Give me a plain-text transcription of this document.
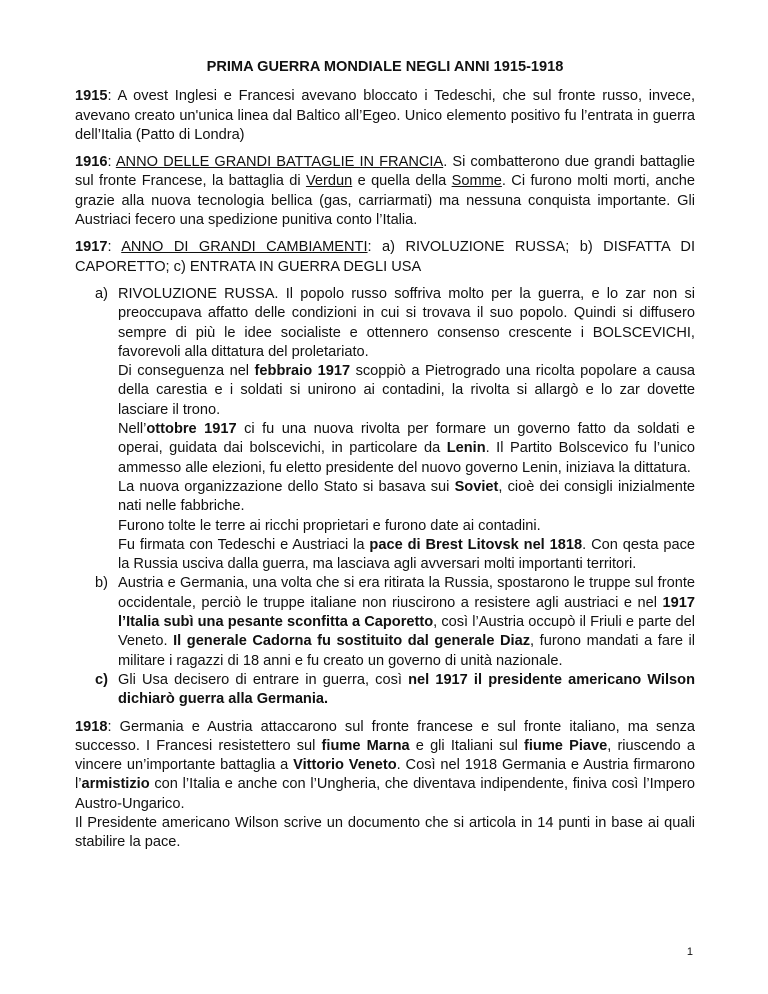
PRIMA GUERRA MONDIALE NEGLI ANNI 1915-1918

1915: A ovest Inglesi e Francesi avevano bloccato i Tedeschi, che sul fronte russo, invece, avevano creato un'unica linea dal Baltico all’Egeo. Unico elemento positivo fu l’entrata in guerra dell’Italia (Patto di Londra)

1916: ANNO DELLE GRANDI BATTAGLIE IN FRANCIA. Si combatterono due grandi battaglie sul fronte Francese, la battaglia di Verdun e quella della Somme. Ci furono molti morti, anche grazie alla nuova tecnologia bellica (gas, carriarmati) ma nessuna conquista importante. Gli Austriaci fecero una spedizione punitiva conto l’Italia.

1917: ANNO DI GRANDI CAMBIAMENTI: a) RIVOLUZIONE RUSSA; b) DISFATTA DI CAPORETTO; c) ENTRATA IN GUERRA DEGLI USA

a) RIVOLUZIONE RUSSA. Il popolo russo soffriva molto per la guerra, e lo zar non si preoccupava affatto delle condizioni in cui si trovava il suo popolo. Quindi si diffusero sempre di più le idee socialiste e ottennero consenso crescente i BOLSCEVICHI, favorevoli alla dittatura del proletariato.

Di conseguenza nel febbraio 1917 scoppiò a Pietrogrado una ricolta popolare a causa della carestia e i soldati si unirono ai contadini, la rivolta si allargò e lo zar dovette lasciare il trono.

Nell’ottobre 1917 ci fu una nuova rivolta per formare un governo fatto da soldati e operai, guidata dai bolscevichi, in particolare da Lenin. Il Partito Bolscevico fu l’unico ammesso alle elezioni, fu eletto presidente del nuovo governo Lenin, iniziava la dittatura.

La nuova organizzazione dello Stato si basava sui Soviet, cioè dei consigli inizialmente nati nelle fabbriche.

Furono tolte le terre ai ricchi proprietari e furono date ai contadini.

Fu firmata con Tedeschi e Austriaci la pace di Brest Litovsk nel 1818. Con qesta pace la Russia usciva dalla guerra, ma lasciava agli avversari molti importanti territori.

b) Austria e Germania, una volta che si era ritirata la Russia, spostarono le truppe sul fronte occidentale, perciò le truppe italiane non riuscirono a resistere agli austriaci e nel 1917 l’Italia subì una pesante sconfitta a Caporetto, così l’Austria occupò il Friuli e parte del Veneto. Il generale Cadorna fu sostituito dal generale Diaz, furono mandati a fare il militare i ragazzi di 18 anni e fu creato un governo di unità nazionale.

c) Gli Usa decisero di entrare in guerra, così nel 1917 il presidente americano Wilson dichiarò guerra alla Germania.

1918: Germania e Austria attaccarono sul fronte francese e sul fronte italiano, ma senza successo. I Francesi resistettero sul fiume Marna e gli Italiani sul fiume Piave, riuscendo a vincere un’importante battaglia a Vittorio Veneto. Così nel 1918 Germania e Austria firmarono l’armistizio con l’Italia e anche con l’Ungheria, che diventava indipendente, finiva così l’Impero Austro-Ungarico.

Il Presidente americano Wilson scrive un documento che si articola in 14 punti in base ai quali stabilire la pace.

1
